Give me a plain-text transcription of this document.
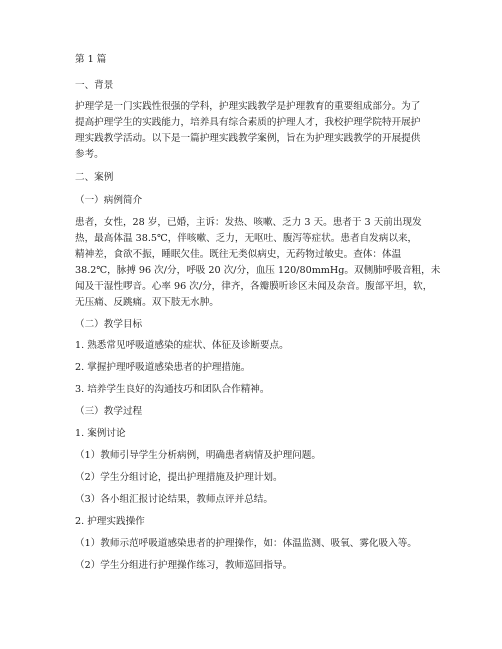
第 1 篇
一、背景
护理学是一门实践性很强的学科，护理实践教学是护理教育的重要组成部分。为了
提高护理学生的实践能力，培养具有综合素质的护理人才，我校护理学院特开展护
理实践教学活动。以下是一篇护理实践教学案例，旨在为护理实践教学的开展提供
参考。
二、案例
（一）病例简介
患者，女性，28 岁，已婚，主诉：发热、咳嗽、乏力 3 天。患者于 3 天前出现发
热，最高体温 38.5℃，伴咳嗽、乏力，无呕吐、腹泻等症状。患者自发病以来，
精神差，食欲不振，睡眠欠佳。既往无类似病史，无药物过敏史。查体：体温
38.2℃，脉搏 96 次/分，呼吸 20 次/分，血压 120/80mmHg。双侧肺呼吸音粗，未
闻及干湿性啰音。心率 96 次/分，律齐，各瓣膜听诊区未闻及杂音。腹部平坦，软，
无压痛、反跳痛。双下肢无水肿。
（二）教学目标
1. 熟悉常见呼吸道感染的症状、体征及诊断要点。
2. 掌握护理呼吸道感染患者的护理措施。
3. 培养学生良好的沟通技巧和团队合作精神。
（三）教学过程
1. 案例讨论
（1）教师引导学生分析病例，明确患者病情及护理问题。
（2）学生分组讨论，提出护理措施及护理计划。
（3）各小组汇报讨论结果，教师点评并总结。
2. 护理实践操作
（1）教师示范呼吸道感染患者的护理操作，如：体温监测、吸氧、雾化吸入等。
（2）学生分组进行护理操作练习，教师巡回指导。
